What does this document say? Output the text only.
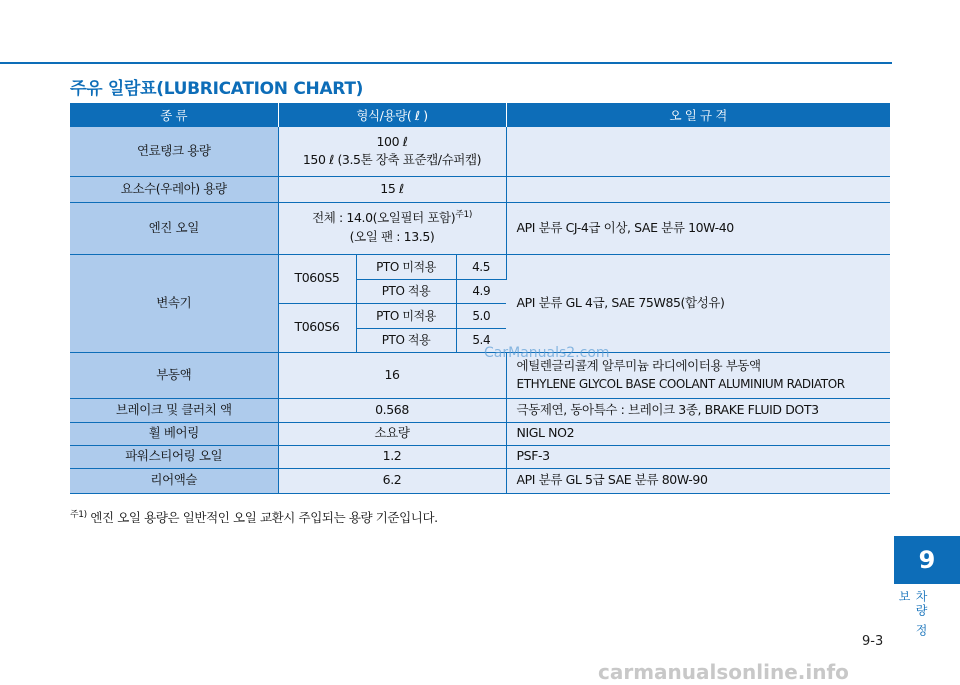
주유 일람표(LUBRICATION CHART)
종 류	형식/용량( ℓ )			오 일 규 격
연료탱크 용량	100 ℓ
150 ℓ (3.5톤 장축 표준캡/슈퍼캡)			

요소수(우레아) 용량	15 ℓ			
엔진 오일	전체 : 14.0(오일필터 포함)$^{주1)}$
(오일 팬 : 13.5)			API 분류 CJ-4급 이상, SAE 분류 10W-40
변속기	T060S5	PTO 미적용	4.5	API 분류 GL 4급, SAE 75W85(합성유)
		PTO 적용	4.9	
	T060S6	PTO 미적용	5.0	
		PTO 적용	5.4	
부동액	16			에틸렌글리콜계 알루미늄 라디에이터용 부동액
ETHYLENE GLYCOL BASE COOLANT ALUMINIUM RADIATOR

브레이크 및 클러치 액	0.568			극동제연, 동아특수 : 브레이크 3종, BRAKE FLUID DOT3
휠 베어링	소요량			NIGL NO2
파워스티어링 오일	1.2			PSF-3
리어액슬	6.2			API 분류 GL 5급 SAE 분류 80W-90
$^{주1)}$ 엔진 오일 용량은 일반적인 오일 교환시 주입되는 용량 기준입니다.
CarManuals2.com
9
차량 정보
9-3
carmanualsonline.info
